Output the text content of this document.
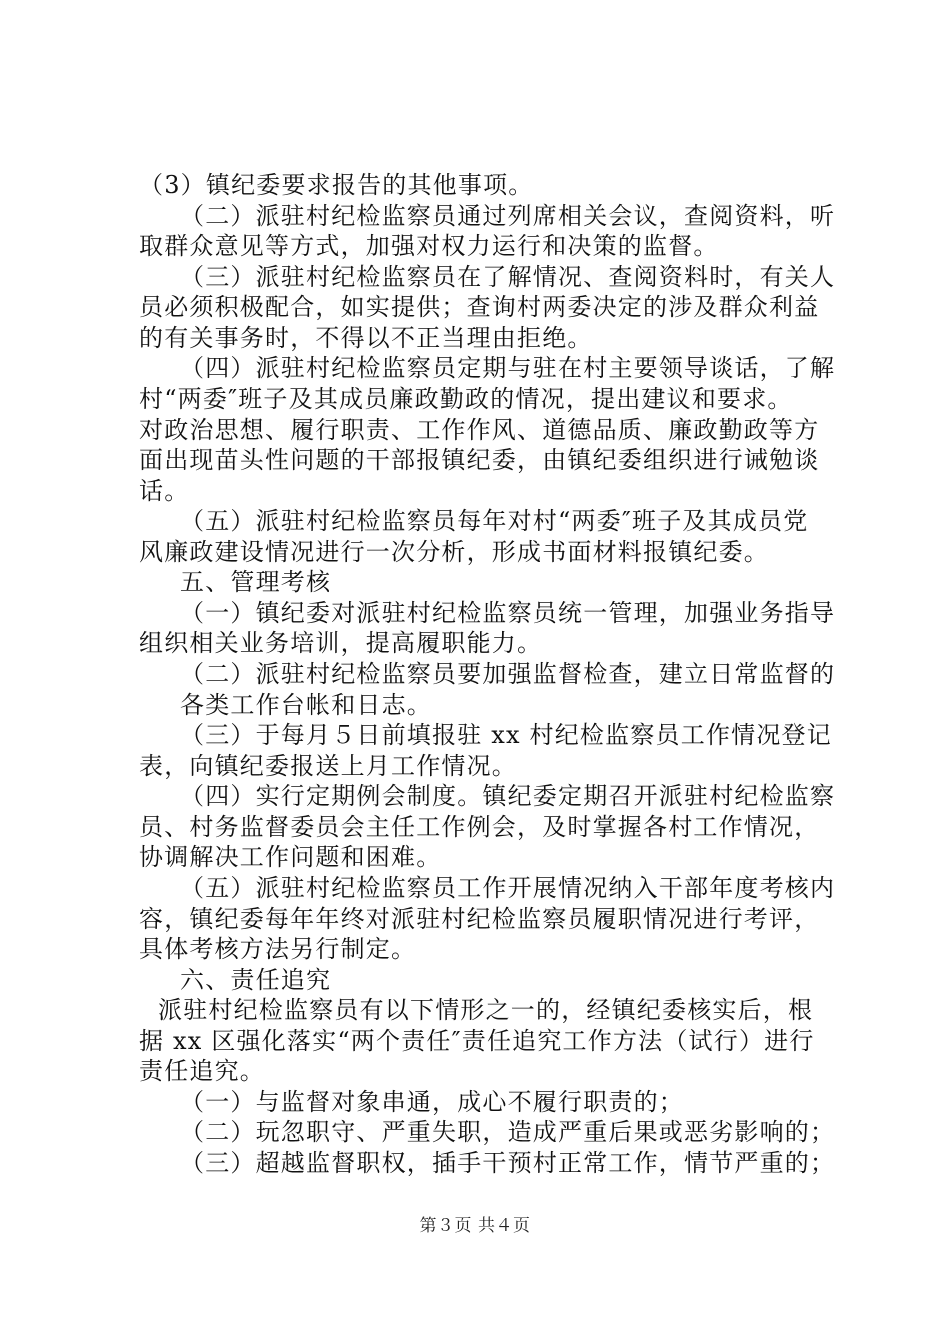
（3）镇纪委要求报告的其他事项。
（二）派驻村纪检监察员通过列席相关会议，查阅资料，听
取群众意见等方式，加强对权力运行和决策的监督。
（三）派驻村纪检监察员在了解情况、查阅资料时，有关人
员必须积极配合，如实提供；查询村两委决定的涉及群众利益
的有关事务时，不得以不正当理由拒绝。
（四）派驻村纪检监察员定期与驻在村主要领导谈话，了解
村“两委″班子及其成员廉政勤政的情况，提出建议和要求。
对政治思想、履行职责、工作作风、道德品质、廉政勤政等方
面出现苗头性问题的干部报镇纪委，由镇纪委组织进行诫勉谈
话。
（五）派驻村纪检监察员每年对村“两委″班子及其成员党
风廉政建设情况进行一次分析，形成书面材料报镇纪委。
五、管理考核
（一）镇纪委对派驻村纪检监察员统一管理，加强业务指导
组织相关业务培训，提高履职能力。
（二）派驻村纪检监察员要加强监督检查，建立日常监督的
各类工作台帐和日志。
（三）于每月５日前填报驻 xx 村纪检监察员工作情况登记
表，向镇纪委报送上月工作情况。
（四）实行定期例会制度。镇纪委定期召开派驻村纪检监察
员、村务监督委员会主任工作例会，及时掌握各村工作情况，
协调解决工作问题和困难。
（五）派驻村纪检监察员工作开展情况纳入干部年度考核内
容，镇纪委每年年终对派驻村纪检监察员履职情况进行考评，
具体考核方法另行制定。
六、责任追究
派驻村纪检监察员有以下情形之一的，经镇纪委核实后，根
据 xx 区强化落实“两个责任″责任追究工作方法（试行）进行
责任追究。
（一）与监督对象串通，成心不履行职责的；
（二）玩忽职守、严重失职，造成严重后果或恶劣影响的；
（三）超越监督职权，插手干预村正常工作，情节严重的；
第３页 共４页
